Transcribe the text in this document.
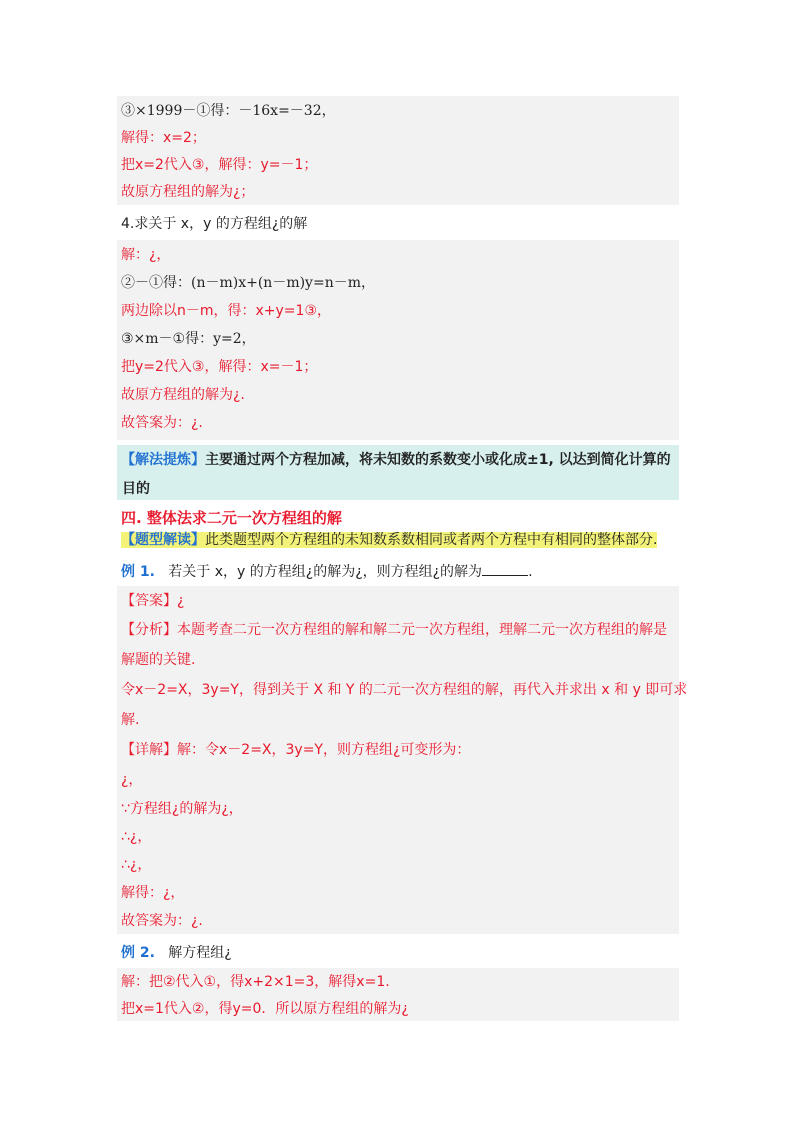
③×1999－①得：－16x=－32，
解得：x=2；
把x=2代入③，解得：y=－1；
故原方程组的解为¿；
4.求关于 x，y 的方程组¿的解
解：¿，
②－①得：(n－m)x+(n－m)y=n－m，
两边除以n－m，得：x+y=1③，
③×m－①得：y=2，
把y=2代入③，解得：x=－1；
故原方程组的解为¿.
故答案为：¿.
【解法提炼】主要通过两个方程加减，将未知数的系数变小或化成±1, 以达到简化计算的
目的
四. 整体法求二元一次方程组的解
【题型解读】此类题型两个方程组的未知数系数相同或者两个方程中有相同的整体部分.
例 1. 若关于 x，y 的方程组¿的解为¿，则方程组¿的解为	.
【答案】¿
【分析】本题考查二元一次方程组的解和解二元一次方程组，理解二元一次方程组的解是
解题的关键.
令x－2=X，3y=Y，得到关于 X 和 Y 的二元一次方程组的解，再代入并求出 x 和 y 即可求
解.
【详解】解：令x－2=X，3y=Y，则方程组¿可变形为：
¿，
∵方程组¿的解为¿，
∴¿，
∴¿，
解得：¿，
故答案为：¿.
例 2. 解方程组¿
解：把②代入①，得x+2×1=3，解得x=1.
把x=1代入②，得y=0．所以原方程组的解为¿
